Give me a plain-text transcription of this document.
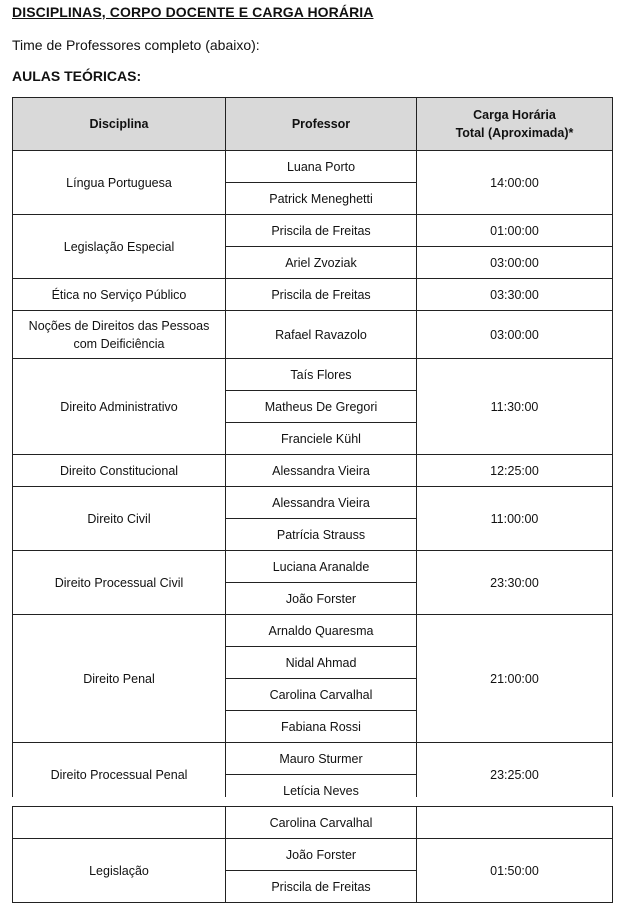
DISCIPLINAS, CORPO DOCENTE E CARGA HORÁRIA
Time de Professores completo (abaixo):
AULAS TEÓRICAS:
Disciplina	Professor	Carga Horária
Total (Aproximada)*
Língua Portuguesa	Luana Porto	14:00:00
	Patrick Meneghetti	
Legislação Especial	Priscila de Freitas	01:00:00
	Ariel Zvoziak	03:00:00
Ética no Serviço Público	Priscila de Freitas	03:30:00
Noções de Direitos das Pessoas com Deificiência	Rafael Ravazolo	03:00:00
Direito Administrativo	Taís Flores	11:30:00
	Matheus De Gregori	
	Franciele Kühl	
Direito Constitucional	Alessandra Vieira	12:25:00
Direito Civil	Alessandra Vieira	11:00:00
	Patrícia Strauss	
Direito Processual Civil	Luciana Aranalde	23:30:00
	João Forster	
Direito Penal	Arnaldo Quaresma	21:00:00
	Nidal Ahmad	
	Carolina Carvalhal	
	Fabiana Rossi	
Direito Processual Penal	Mauro Sturmer	23:25:00
	Letícia Neves	
	Carolina Carvalhal	
Legislação	João Forster	01:50:00
	Priscila de Freitas	
